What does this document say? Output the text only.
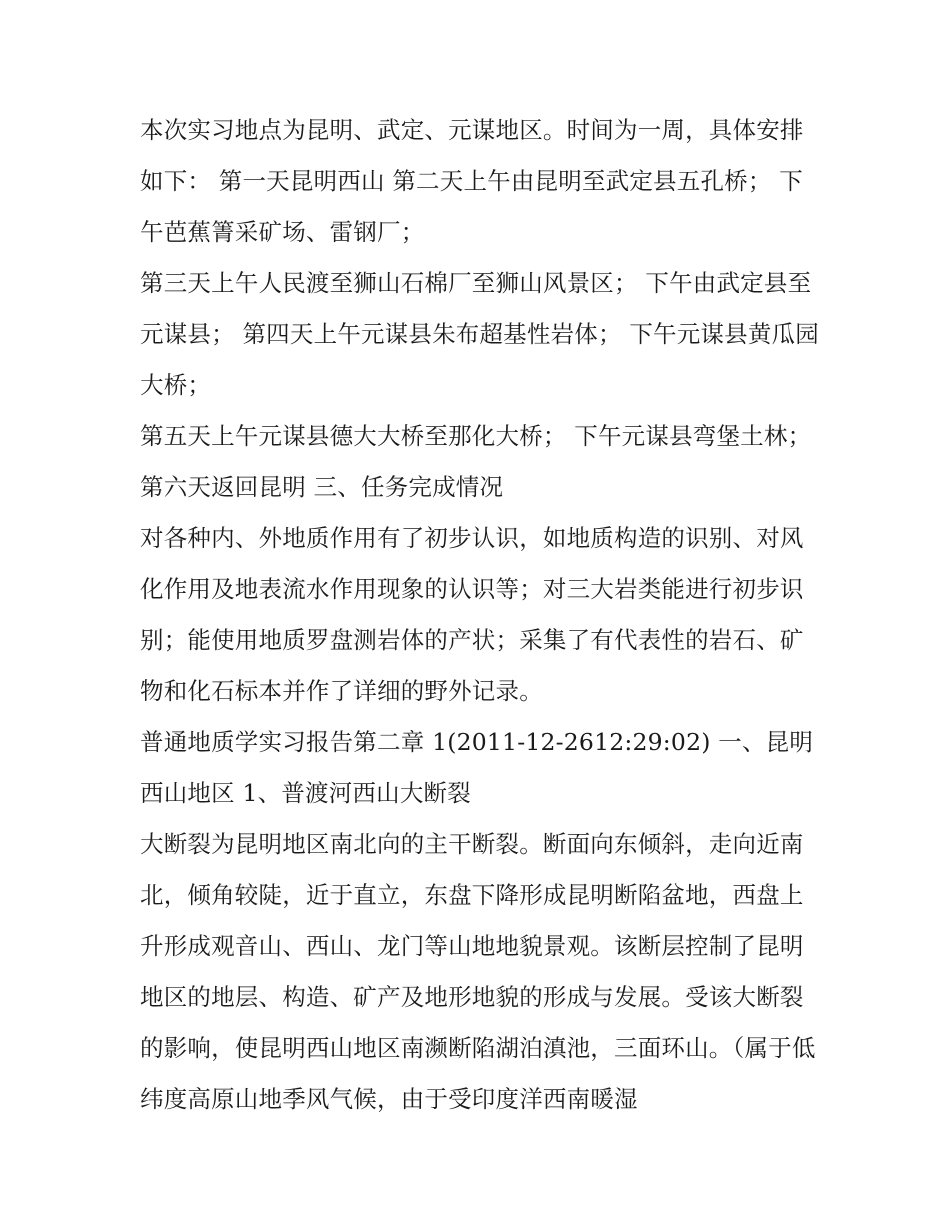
本次实习地点为昆明、武定、元谋地区。时间为一周，具体安排如下： 第一天昆明西山 第二天上午由昆明至武定县五孔桥； 下午芭蕉箐采矿场、雷钢厂；

第三天上午人民渡至狮山石棉厂至狮山风景区； 下午由武定县至元谋县； 第四天上午元谋县朱布超基性岩体； 下午元谋县黄瓜园大桥；

第五天上午元谋县德大大桥至那化大桥； 下午元谋县弯堡土林； 第六天返回昆明 三、任务完成情况

对各种内、外地质作用有了初步认识，如地质构造的识别、对风化作用及地表流水作用现象的认识等；对三大岩类能进行初步识别；能使用地质罗盘测岩体的产状；采集了有代表性的岩石、矿物和化石标本并作了详细的野外记录。

普通地质学实习报告第二章 1(2011-12-2612:29:02) 一、昆明西山地区 1、普渡河西山大断裂

大断裂为昆明地区南北向的主干断裂。断面向东倾斜，走向近南北，倾角较陡，近于直立，东盘下降形成昆明断陷盆地，西盘上升形成观音山、西山、龙门等山地地貌景观。该断层控制了昆明地区的地层、构造、矿产及地形地貌的形成与发展。受该大断裂的影响，使昆明西山地区南濒断陷湖泊滇池，三面环山。（属于低纬度高原山地季风气候，由于受印度洋西南暖湿
